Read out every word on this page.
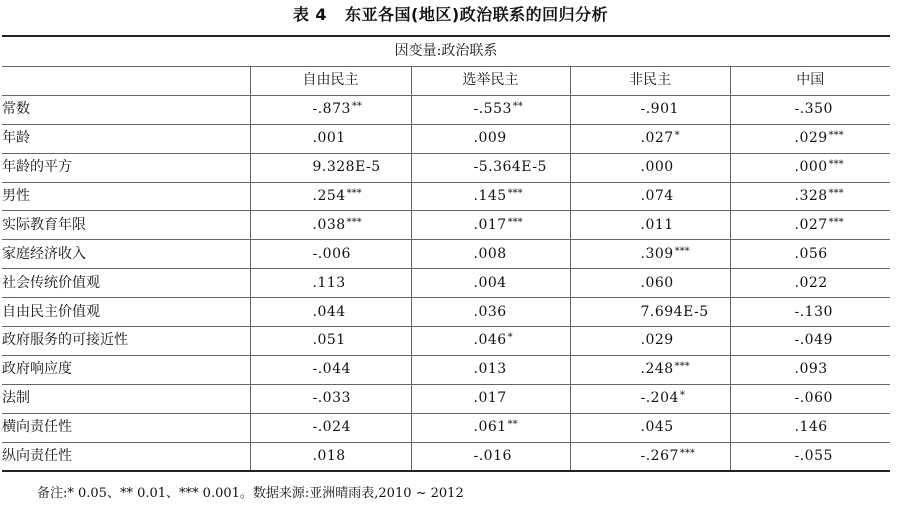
表 4 东亚各国(地区)政治联系的回归分析
因变量:政治联系				
	自由民主	选举民主	非民主	中国
常数	-.873**	-.553**	-.901	-.350
年龄	.001	.009	.027*	.029***
年龄的平方	9.328E-5	-5.364E-5	.000	.000***
男性	.254***	.145***	.074	.328***
实际教育年限	.038***	.017***	.011	.027***
家庭经济收入	-.006	.008	.309***	.056
社会传统价值观	.113	.004	.060	.022
自由民主价值观	.044	.036	7.694E-5	-.130
政府服务的可接近性	.051	.046*	.029	-.049
政府响应度	-.044	.013	.248***	.093
法制	-.033	.017	-.204*	-.060
横向责任性	-.024	.061**	.045	.146
纵向责任性	.018	-.016	-.267***	-.055
备注:* 0.05、** 0.01、*** 0.001。数据来源:亚洲晴雨表,2010 ~ 2012
